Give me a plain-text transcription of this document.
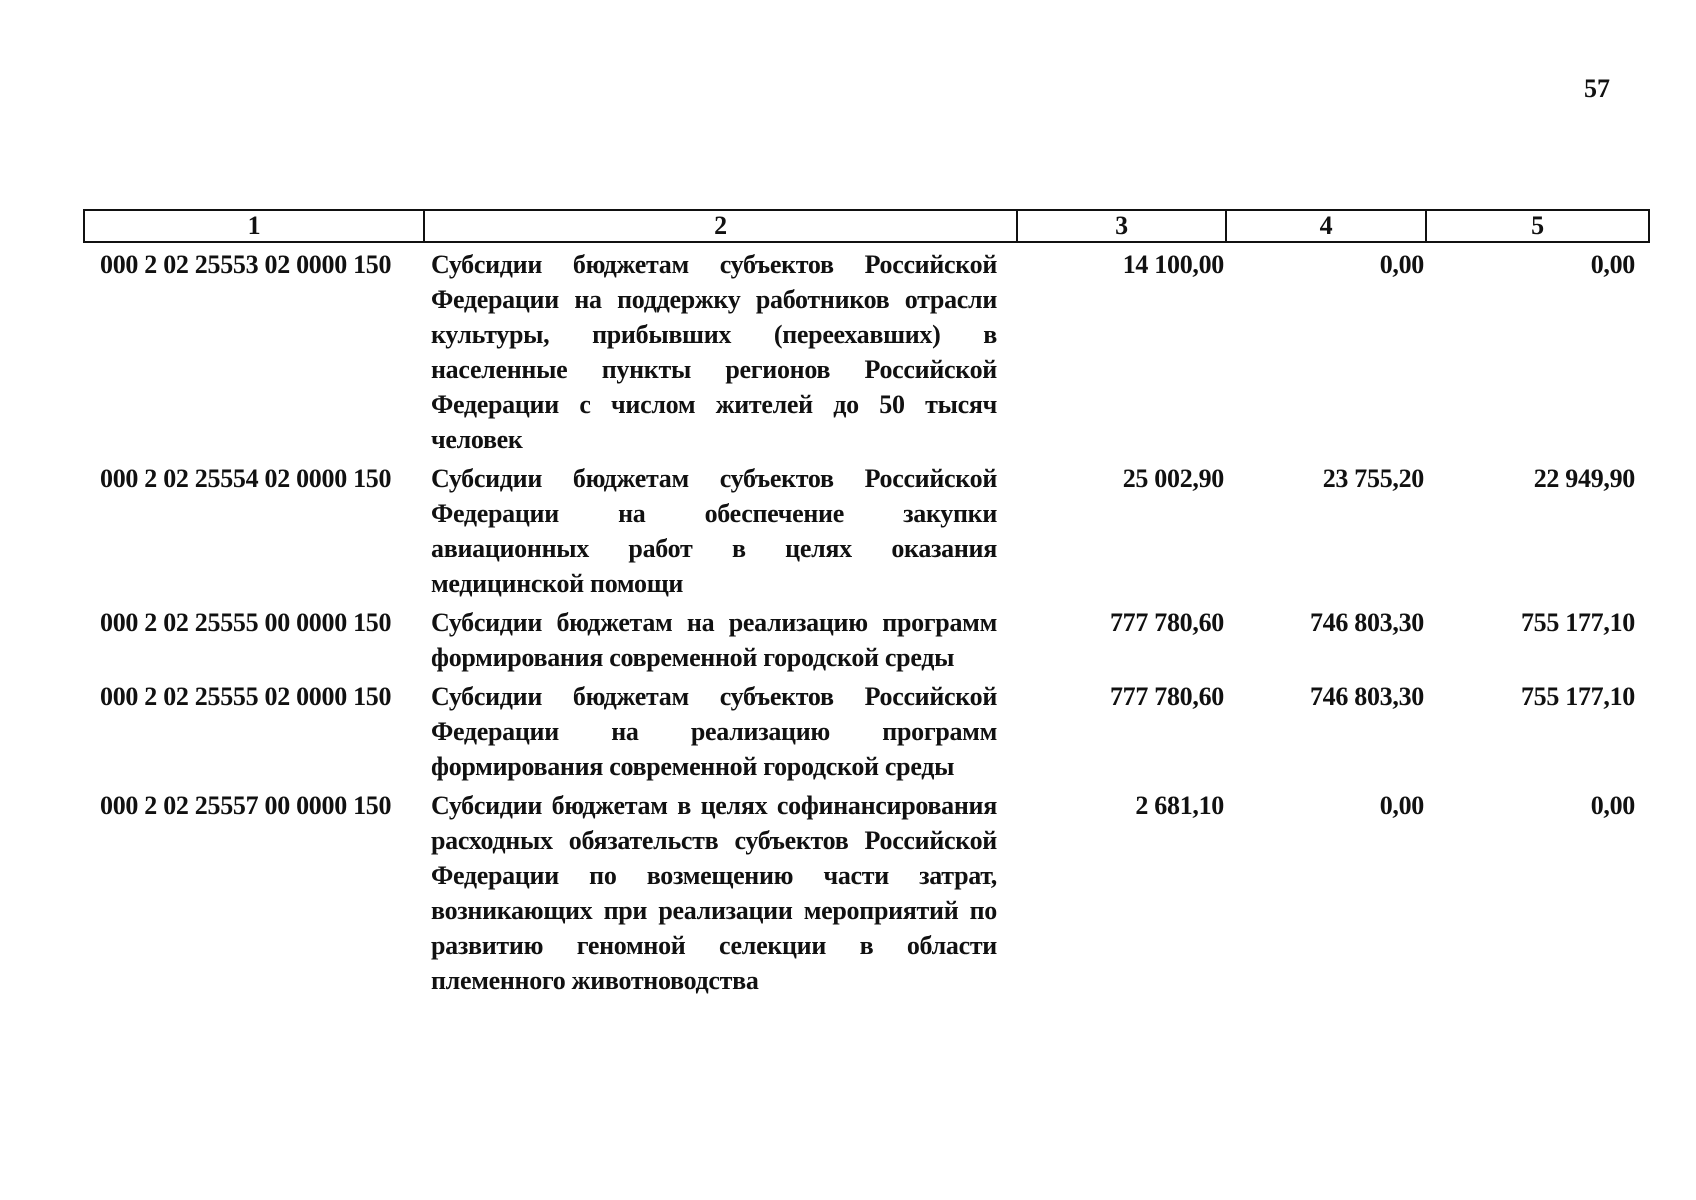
57
1	2	3	4	5
000 2 02 25553 02 0000 150	Субсидии бюджетам субъектов Российской Федерации на поддержку работников отрасли культуры, прибывших (переехавших) в населенные пункты регионов Российской Федерации с числом жителей до 50 тысяч человек	14 100,00	0,00	0,00
000 2 02 25554 02 0000 150	Субсидии бюджетам субъектов Российской Федерации на обеспечение закупки авиационных работ в целях оказания медицинской помощи	25 002,90	23 755,20	22 949,90
000 2 02 25555 00 0000 150	Субсидии бюджетам на реализацию программ формирования современной городской среды	777 780,60	746 803,30	755 177,10
000 2 02 25555 02 0000 150	Субсидии бюджетам субъектов Российской Федерации на реализацию программ формирования современной городской среды	777 780,60	746 803,30	755 177,10
000 2 02 25557 00 0000 150	Субсидии бюджетам в целях софинансирования расходных обязательств субъектов Российской Федерации по возмещению части затрат, возникающих при реализации мероприятий по развитию геномной селекции в области племенного животноводства	2 681,10	0,00	0,00
